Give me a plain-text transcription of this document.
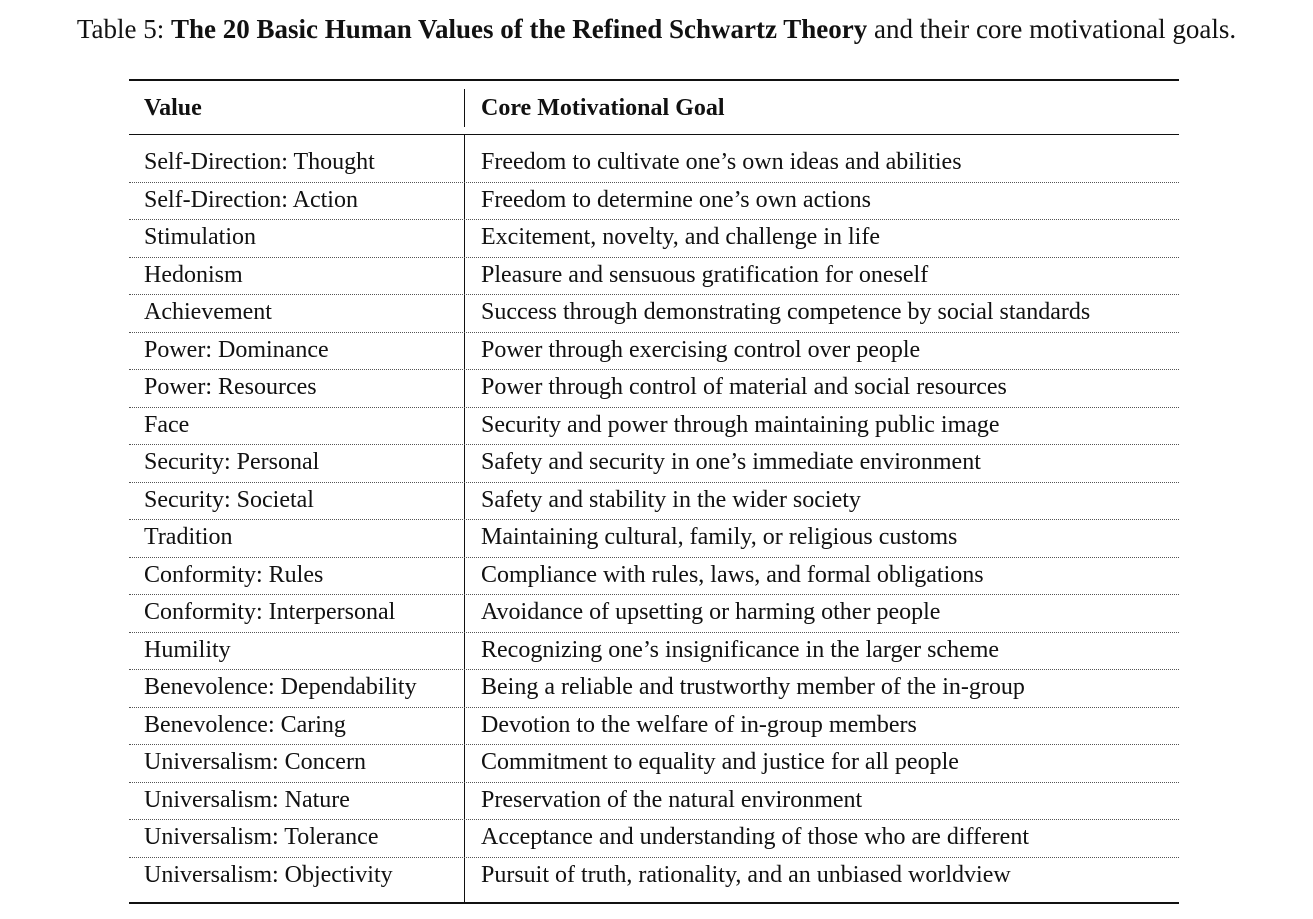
Table 5: The 20 Basic Human Values of the Refined Schwartz Theory and their core motivational goals.
Value	Core Motivational Goal
Self-Direction: Thought	Freedom to cultivate one’s own ideas and abilities
Self-Direction: Action	Freedom to determine one’s own actions
Stimulation	Excitement, novelty, and challenge in life
Hedonism	Pleasure and sensuous gratification for oneself
Achievement	Success through demonstrating competence by social standards
Power: Dominance	Power through exercising control over people
Power: Resources	Power through control of material and social resources
Face	Security and power through maintaining public image
Security: Personal	Safety and security in one’s immediate environment
Security: Societal	Safety and stability in the wider society
Tradition	Maintaining cultural, family, or religious customs
Conformity: Rules	Compliance with rules, laws, and formal obligations
Conformity: Interpersonal	Avoidance of upsetting or harming other people
Humility	Recognizing one’s insignificance in the larger scheme
Benevolence: Dependability	Being a reliable and trustworthy member of the in-group
Benevolence: Caring	Devotion to the welfare of in-group members
Universalism: Concern	Commitment to equality and justice for all people
Universalism: Nature	Preservation of the natural environment
Universalism: Tolerance	Acceptance and understanding of those who are different
Universalism: Objectivity	Pursuit of truth, rationality, and an unbiased worldview
